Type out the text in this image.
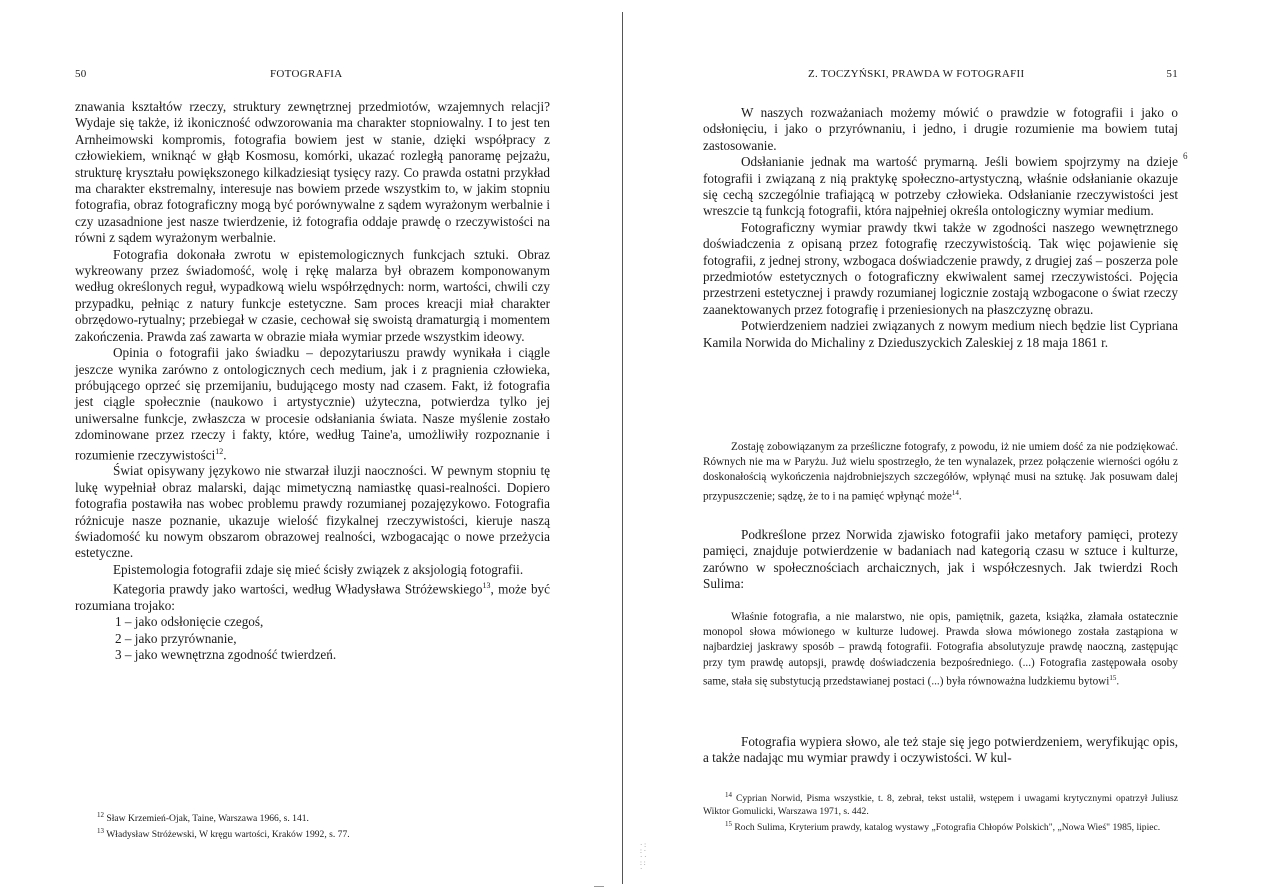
50	FOTOGRAFIA

znawania kształtów rzeczy, struktury zewnętrznej przedmiotów, wzajemnych relacji? Wydaje się także, iż ikoniczność odwzorowania ma charakter stopniowalny. I to jest ten Arnheimowski kompromis, fotografia bowiem jest w stanie, dzięki współpracy z człowiekiem, wniknąć w głąb Kosmosu, komórki, ukazać rozległą panoramę pejzażu, strukturę kryształu powiększonego kilkadziesiąt tysięcy razy. Co prawda ostatni przykład ma charakter ekstremalny, interesuje nas bowiem przede wszystkim to, w jakim stopniu fotografia, obraz fotograficzny mogą być porównywalne z sądem wyrażonym werbalnie i czy uzasadnione jest nasze twierdzenie, iż fotografia oddaje prawdę o rzeczywistości na równi z sądem wyrażonym werbalnie.

Fotografia dokonała zwrotu w epistemologicznych funkcjach sztuki. Obraz wykreowany przez świadomość, wolę i rękę malarza był obrazem komponowanym według określonych reguł, wypadkową wielu współrzędnych: norm, wartości, chwili czy przypadku, pełniąc z natury funkcje estetyczne. Sam proces kreacji miał charakter obrzędowo-rytualny; przebiegał w czasie, cechował się swoistą dramaturgią i momentem zakończenia. Prawda zaś zawarta w obrazie miała wymiar przede wszystkim ideowy.

Opinia o fotografii jako świadku – depozytariuszu prawdy wynikała i ciągle jeszcze wynika zarówno z ontologicznych cech medium, jak i z pragnienia człowieka, próbującego oprzeć się przemijaniu, budującego mosty nad czasem. Fakt, iż fotografia jest ciągle społecznie (naukowo i artystycznie) użyteczna, potwierdza tylko jej uniwersalne funkcje, zwłaszcza w procesie odsłaniania świata. Nasze myślenie zostało zdominowane przez rzeczy i fakty, które, według Taine'a, umożliwiły rozpoznanie i rozumienie rzeczywistości$^{12}$.

Świat opisywany językowo nie stwarzał iluzji naoczności. W pewnym stopniu tę lukę wypełniał obraz malarski, dając mimetyczną namiastkę quasi-realności. Dopiero fotografia postawiła nas wobec problemu prawdy rozumianej pozajęzykowo. Fotografia różnicuje nasze poznanie, ukazuje wielość fizykalnej rzeczywistości, kieruje naszą świadomość ku nowym obszarom obrazowej realności, wzbogacając o nowe przeżycia estetyczne.

Epistemologia fotografii zdaje się mieć ścisły związek z aksjologią fotografii.

Kategoria prawdy jako wartości, według Władysława Stróżewskiego$^{13}$, może być rozumiana trojako:

1 – jako odsłonięcie czegoś,
2 – jako przyrównanie,
3 – jako wewnętrzna zgodność twierdzeń.

$^{12}$ Sław Krzemień-Ojak, Taine, Warszawa 1966, s. 141.

$^{13}$ Władysław Stróżewski, W kręgu wartości, Kraków 1992, s. 77.

· :
: ·
· ·
: :
·
Z. TOCZYŃSKI, PRAWDA W FOTOGRAFII	51

W naszych rozważaniach możemy mówić o prawdzie w fotografii i jako o odsłonięciu, i jako o przyrównaniu, i jedno, i drugie rozumienie ma bowiem tutaj zastosowanie.

Odsłanianie jednak ma wartość prymarną. Jeśli bowiem spojrzymy na dzieje fotografii i związaną z nią praktykę społeczno-artystyczną, właśnie odsłanianie okazuje się cechą szczególnie trafiającą w potrzeby człowieka. Odsłanianie rzeczywistości jest wreszcie tą funkcją fotografii, która najpełniej określa ontologiczny wymiar medium.

Fotograficzny wymiar prawdy tkwi także w zgodności naszego wewnętrznego doświadczenia z opisaną przez fotografię rzeczywistością. Tak więc pojawienie się fotografii, z jednej strony, wzbogaca doświadczenie prawdy, z drugiej zaś – poszerza pole przedmiotów estetycznych o fotograficzny ekwiwalent samej rzeczywistości. Pojęcia przestrzeni estetycznej i prawdy rozumianej logicznie zostają wzbogacone o świat rzeczy zaanektowanych przez fotografię i przeniesionych na płaszczyznę obrazu.

Potwierdzeniem nadziei związanych z nowym medium niech będzie list Cypriana Kamila Norwida do Michaliny z Dzieduszyckich Zaleskiej z 18 maja 1861 r.

Zostaję zobowiązanym za prześliczne fotografy, z powodu, iż nie umiem dość za nie podziękować. Równych nie ma w Paryżu. Już wielu spostrzegło, że ten wynalazek, przez połączenie wierności ogółu z doskonałością wykończenia najdrobniejszych szczegółów, wpłynąć musi na sztukę. Jak posuwam dalej przypuszczenie; sądzę, że to i na pamięć wpłynąć może$^{14}$.

Podkreślone przez Norwida zjawisko fotografii jako metafory pamięci, protezy pamięci, znajduje potwierdzenie w badaniach nad kategorią czasu w sztuce i kulturze, zarówno w społecznościach archaicznych, jak i współczesnych. Jak twierdzi Roch Sulima:

Właśnie fotografia, a nie malarstwo, nie opis, pamiętnik, gazeta, książka, złamała ostatecznie monopol słowa mówionego w kulturze ludowej. Prawda słowa mówionego została zastąpiona w najbardziej jaskrawy sposób – prawdą fotografii. Fotografia absolutyzuje prawdę naoczną, zastępując przy tym prawdę autopsji, prawdę doświadczenia bezpośredniego. (...) Fotografia zastępowała osoby same, stała się substytucją przedstawianej postaci (...) była równoważna ludzkiemu bytowi$^{15}$.

Fotografia wypiera słowo, ale też staje się jego potwierdzeniem, weryfikując opis, a także nadając mu wymiar prawdy i oczywistości. W kul-

$^{14}$ Cyprian Norwid, Pisma wszystkie, t. 8, zebrał, tekst ustalił, wstępem i uwagami krytycznymi opatrzył Juliusz Wiktor Gomulicki, Warszawa 1971, s. 442.

$^{15}$ Roch Sulima, Kryterium prawdy, katalog wystawy „Fotografia Chłopów Polskich", „Nowa Wieś" 1985, lipiec.

6
